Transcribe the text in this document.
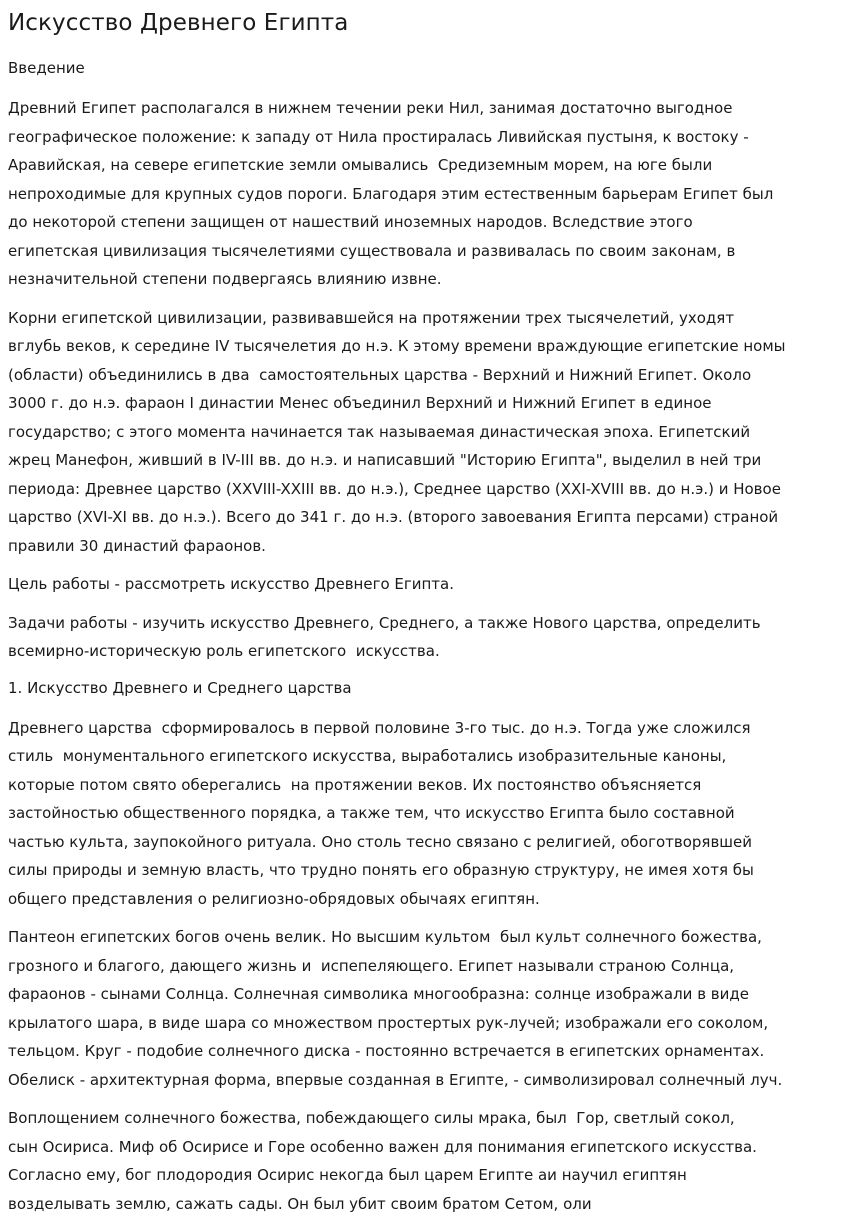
Искусство Древнего Египта
Введение

Древний Египет располагался в нижнем течении реки Нил, занимая достаточно выгодное
географическое положение: к западу от Нила простиралась Ливийская пустыня, к востоку -
Аравийская, на севере египетские земли омывались  Средиземным морем, на юге были
непроходимые для крупных судов пороги. Благодаря этим естественным барьерам Египет был
до некоторой степени защищен от нашествий иноземных народов. Вследствие этого
египетская цивилизация тысячелетиями существовала и развивалась по своим законам, в
незначительной степени подвергаясь влиянию извне.

Корни египетской цивилизации, развивавшейся на протяжении трех тысячелетий, уходят
вглубь веков, к середине IV тысячелетия до н.э. К этому времени враждующие египетские номы
(области) объединились в два  самостоятельных царства - Верхний и Нижний Египет. Около
3000 г. до н.э. фараон I династии Менес объединил Верхний и Нижний Египет в единое
государство; с этого момента начинается так называемая династическая эпоха. Египетский
жрец Манефон, живший в IV-III вв. до н.э. и написавший "Историю Египта", выделил в ней три
периода: Древнее царство (XXVIII-XXIII вв. до н.э.), Среднее царство (XXI-XVIII вв. до н.э.) и Новое
царство (XVI-XI вв. до н.э.). Всего до 341 г. до н.э. (второго завоевания Египта персами) страной
правили 30 династий фараонов.

Цель работы - рассмотреть искусство Древнего Египта.

Задачи работы - изучить искусство Древнего, Среднего, а также Нового царства, определить
всемирно-историческую роль египетского  искусства.

1. Искусство Древнего и Среднего царства

Древнего царства  сформировалось в первой половине 3-го тыс. до н.э. Тогда уже сложился
стиль  монументального египетского искусства, выработались изобразительные каноны,
которые потом свято оберегались  на протяжении веков. Их постоянство объясняется
застойностью общественного порядка, а также тем, что искусство Египта было составной
частью культа, заупокойного ритуала. Оно столь тесно связано с религией, обоготворявшей
силы природы и земную власть, что трудно понять его образную структуру, не имея хотя бы
общего представления о религиозно-обрядовых обычаях египтян.

Пантеон египетских богов очень велик. Но высшим культом  был культ солнечного божества,
грозного и благого, дающего жизнь и  испепеляющего. Египет называли страною Солнца,
фараонов - сынами Солнца. Солнечная символика многообразна: солнце изображали в виде
крылатого шара, в виде шара со множеством простертых рук-лучей; изображали его соколом,
тельцом. Круг - подобие солнечного диска - постоянно встречается в египетских орнаментах.
Обелиск - архитектурная форма, впервые созданная в Египте, - символизировал солнечный луч.

Воплощением солнечного божества, побеждающего силы мрака, был  Гор, светлый сокол,
сын Осириса. Миф об Осирисе и Горе особенно важен для понимания египетского искусства.
Согласно ему, бог плодородия Осирис некогда был царем Египте аи научил египтян
возделывать землю, сажать сады. Он был убит своим братом Сетом, оли
